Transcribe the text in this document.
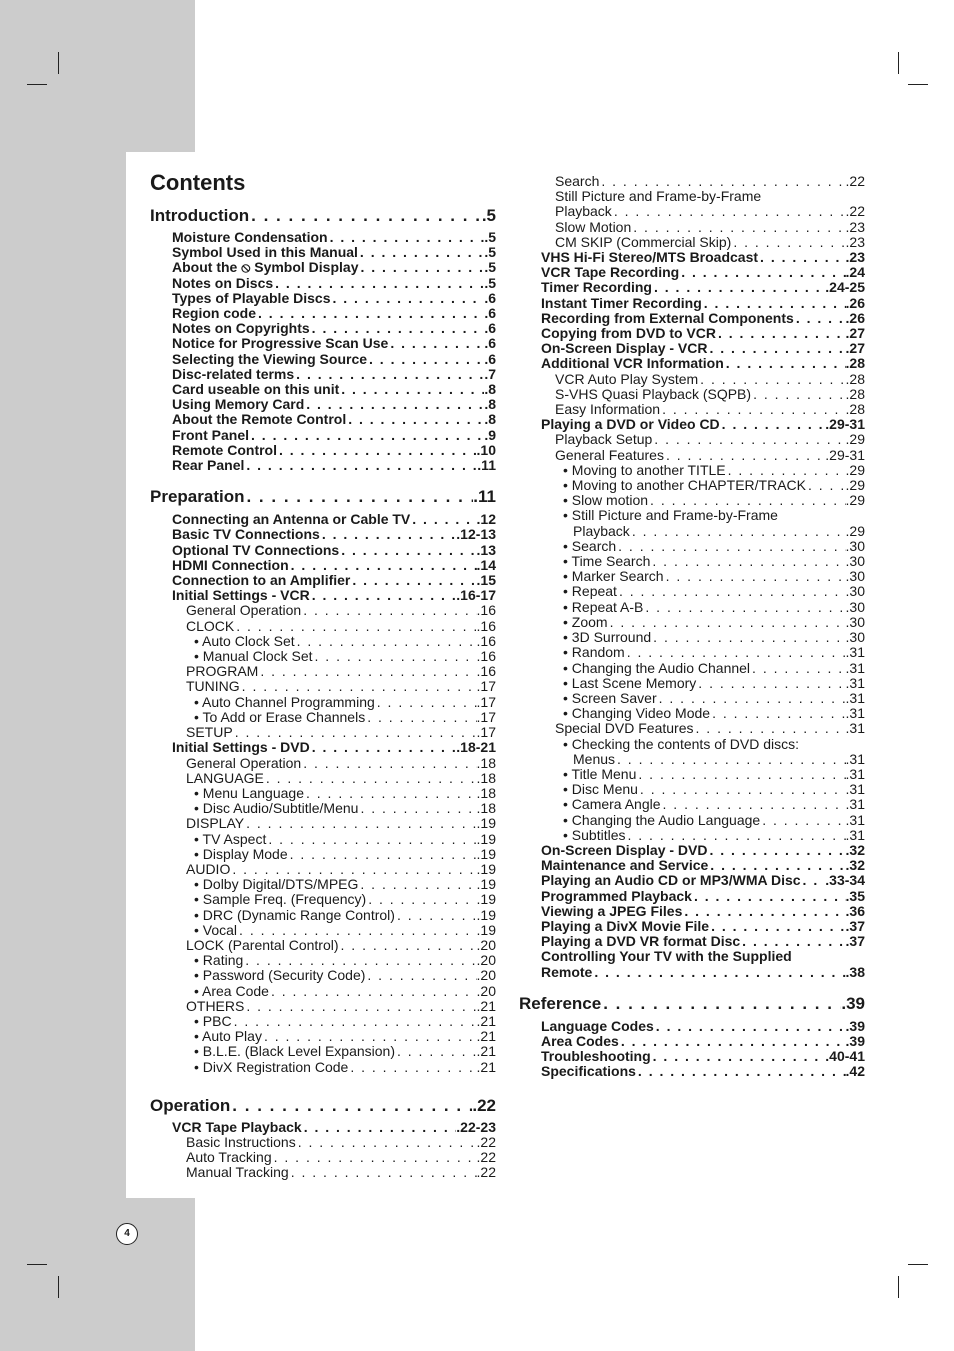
Contents
Introduction . . .	.5
Moisture Condensation . . .	.5
Symbol Used in this Manual . . .	.5
About the ⦸ Symbol Display . . .	.5
Notes on Discs . . .	.5
Types of Playable Discs . . .	.6
Region code . . .	.6
Notes on Copyrights . . .	.6
Notice for Progressive Scan Use . . .	.6
Selecting the Viewing Source . . .	.6
Disc-related terms . . .	.7
Card useable on this unit . . .	.8
Using Memory Card . . .	.8
About the Remote Control . . .	.8
Front Panel . . .	.9
Remote Control . . .	.10
Rear Panel . . .	.11
Preparation . . .	.11
Connecting an Antenna or Cable TV . . .	.12
Basic TV Connections . . .	.12-13
Optional TV Connections . . .	.13
HDMI Connection . . .	.14
Connection to an Amplifier . . .	.15
Initial Settings - VCR . . .	.16-17
General Operation . . .	.16
CLOCK . . .	.16
• Auto Clock Set . . .	.16
• Manual Clock Set . . .	.16
PROGRAM . . .	.16
TUNING . . .	.17
• Auto Channel Programming . . .	.17
• To Add or Erase Channels . . .	.17
SETUP . . .	.17
Initial Settings - DVD . . .	.18-21
General Operation . . .	.18
LANGUAGE . . .	.18
• Menu Language . . .	.18
• Disc Audio/Subtitle/Menu . . .	.18
DISPLAY . . .	.19
• TV Aspect . . .	.19
• Display Mode . . .	.19
AUDIO . . .	.19
• Dolby Digital/DTS/MPEG . . .	.19
• Sample Freq. (Frequency) . . .	.19
• DRC (Dynamic Range Control) . . .	.19
• Vocal . . .	.19
LOCK (Parental Control) . . .	.20
• Rating . . .	.20
• Password (Security Code) . . .	.20
• Area Code . . .	.20
OTHERS . . .	.21
• PBC . . .	.21
• Auto Play . . .	.21
• B.L.E. (Black Level Expansion) . . .	.21
• DivX Registration Code . . .	.21
Operation . . .	.22
VCR Tape Playback . . .	.22-23
Basic Instructions . . .	.22
Auto Tracking . . .	.22
Manual Tracking . . .	.22
Search . . .	.22
Still Picture and Frame-by-Frame
Playback . . .	.22
Slow Motion . . .	.23
CM SKIP (Commercial Skip) . . .	.23
VHS Hi-Fi Stereo/MTS Broadcast . . .	.23
VCR Tape Recording . . .	.24
Timer Recording . . .	.24-25
Instant Timer Recording . . .	.26
Recording from External Components . . .	.26
Copying from DVD to VCR . . .	.27
On-Screen Display - VCR . . .	.27
Additional VCR Information . . .	.28
VCR Auto Play System . . .	.28
S-VHS Quasi Playback (SQPB) . . .	.28
Easy Information . . .	.28
Playing a DVD or Video CD . . .	.29-31
Playback Setup . . .	.29
General Features . . .	.29-31
• Moving to another TITLE . . .	.29
• Moving to another CHAPTER/TRACK . . .	.29
• Slow motion . . .	.29
• Still Picture and Frame-by-Frame
Playback . . .	.29
• Search . . .	.30
• Time Search . . .	.30
• Marker Search . . .	.30
• Repeat . . .	.30
• Repeat A-B . . .	.30
• Zoom . . .	.30
• 3D Surround . . .	.30
• Random . . .	.31
• Changing the Audio Channel . . .	.31
• Last Scene Memory . . .	.31
• Screen Saver . . .	.31
• Changing Video Mode . . .	.31
Special DVD Features . . .	.31
• Checking the contents of DVD discs:
Menus . . .	.31
• Title Menu . . .	.31
• Disc Menu . . .	.31
• Camera Angle . . .	.31
• Changing the Audio Language . . .	.31
• Subtitles . . .	.31
On-Screen Display - DVD . . .	.32
Maintenance and Service . . .	.32
Playing an Audio CD or MP3/WMA Disc . . . .33-34
Programmed Playback . . .	.35
Viewing a JPEG Files . . .	.36
Playing a DivX Movie File . . .	.37
Playing a DVD VR format Disc . . .	.37
Controlling Your TV with the Supplied
Remote . . .	.38
Reference . . .	.39
Language Codes . . .	.39
Area Codes . . .	.39
Troubleshooting . . .	.40-41
Specifications . . .	.42
4
